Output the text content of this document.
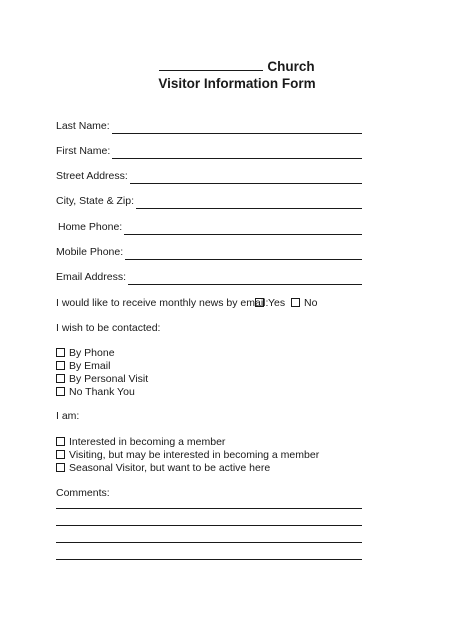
Church
Visitor Information Form
Last Name:
First Name:
Street Address:
City, State & Zip:
Home Phone:
Mobile Phone:
Email Address:
I would like to receive monthly news by email: Yes	No
I wish to be contacted:
By Phone
By Email
By Personal Visit
No Thank You
I am:
Interested in becoming a member
Visiting, but may be interested in becoming a member
Seasonal Visitor, but want to be active here
Comments:
